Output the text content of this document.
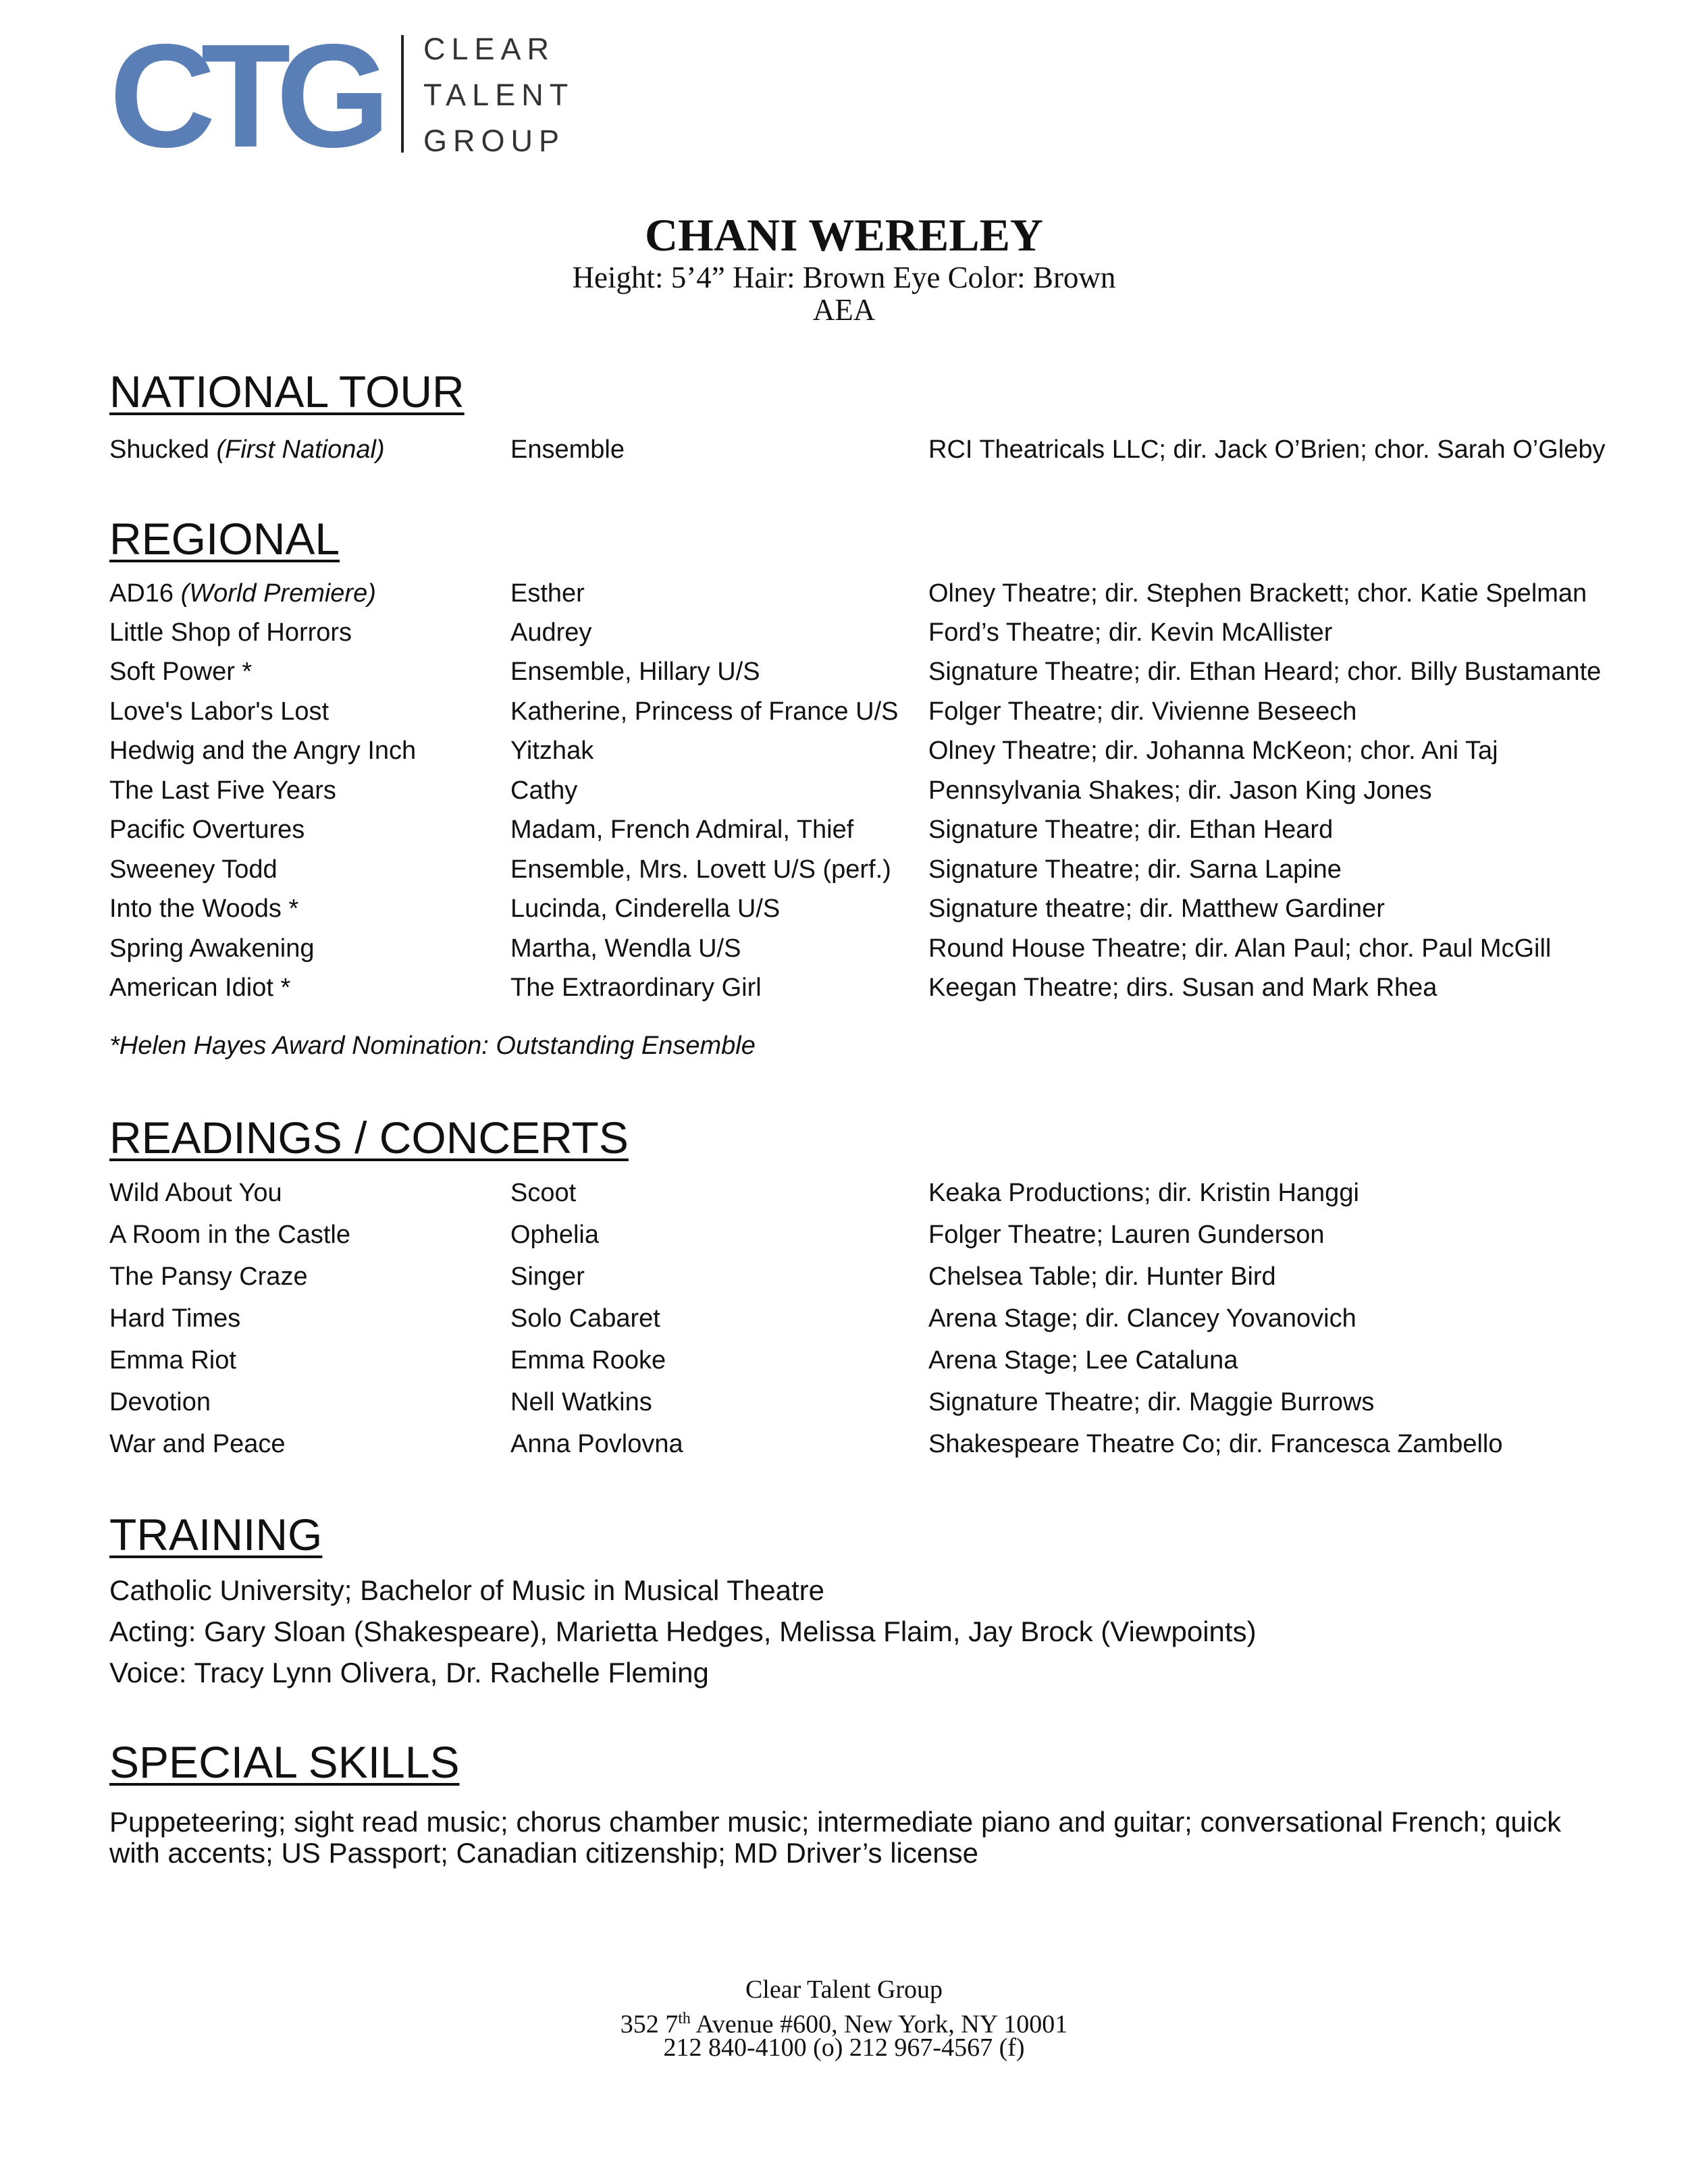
CTG CLEAR
TALENT
GROUP
CHANI WERELEY
Height: 5’4” Hair: Brown Eye Color: Brown
AEA
NATIONAL TOUR
Shucked (First National)	Ensemble	RCI Theatricals LLC; dir. Jack O’Brien; chor. Sarah O’Gleby
REGIONAL
AD16 (World Premiere)	Esther	Olney Theatre; dir. Stephen Brackett; chor. Katie Spelman
Little Shop of Horrors	Audrey	Ford’s Theatre; dir. Kevin McAllister
Soft Power *	Ensemble, Hillary U/S	Signature Theatre; dir. Ethan Heard; chor. Billy Bustamante
Love's Labor's Lost	Katherine, Princess of France U/S Folger Theatre; dir. Vivienne Beseech
Hedwig and the Angry Inch	Yitzhak	Olney Theatre; dir. Johanna McKeon; chor. Ani Taj
The Last Five Years	Cathy	Pennsylvania Shakes; dir. Jason King Jones
Pacific Overtures	Madam, French Admiral, Thief	Signature Theatre; dir. Ethan Heard
Sweeney Todd	Ensemble, Mrs. Lovett U/S (perf.) Signature Theatre; dir. Sarna Lapine
Into the Woods *	Lucinda, Cinderella U/S	Signature theatre; dir. Matthew Gardiner
Spring Awakening	Martha, Wendla U/S	Round House Theatre; dir. Alan Paul; chor. Paul McGill
American Idiot *	The Extraordinary Girl	Keegan Theatre; dirs. Susan and Mark Rhea
*Helen Hayes Award Nomination: Outstanding Ensemble
READINGS / CONCERTS
Wild About You	Scoot	Keaka Productions; dir. Kristin Hanggi
A Room in the Castle	Ophelia	Folger Theatre; Lauren Gunderson
The Pansy Craze	Singer	Chelsea Table; dir. Hunter Bird
Hard Times	Solo Cabaret	Arena Stage; dir. Clancey Yovanovich
Emma Riot	Emma Rooke	Arena Stage; Lee Cataluna
Devotion	Nell Watkins	Signature Theatre; dir. Maggie Burrows
War and Peace	Anna Povlovna	Shakespeare Theatre Co; dir. Francesca Zambello
TRAINING
Catholic University; Bachelor of Music in Musical Theatre
Acting: Gary Sloan (Shakespeare), Marietta Hedges, Melissa Flaim, Jay Brock (Viewpoints)
Voice: Tracy Lynn Olivera, Dr. Rachelle Fleming
SPECIAL SKILLS
Puppeteering; sight read music; chorus chamber music; intermediate piano and guitar; conversational French; quick with accents; US Passport; Canadian citizenship; MD Driver’s license
Clear Talent Group
352 7th Avenue #600, New York, NY 10001
212 840-4100 (o) 212 967-4567 (f)
